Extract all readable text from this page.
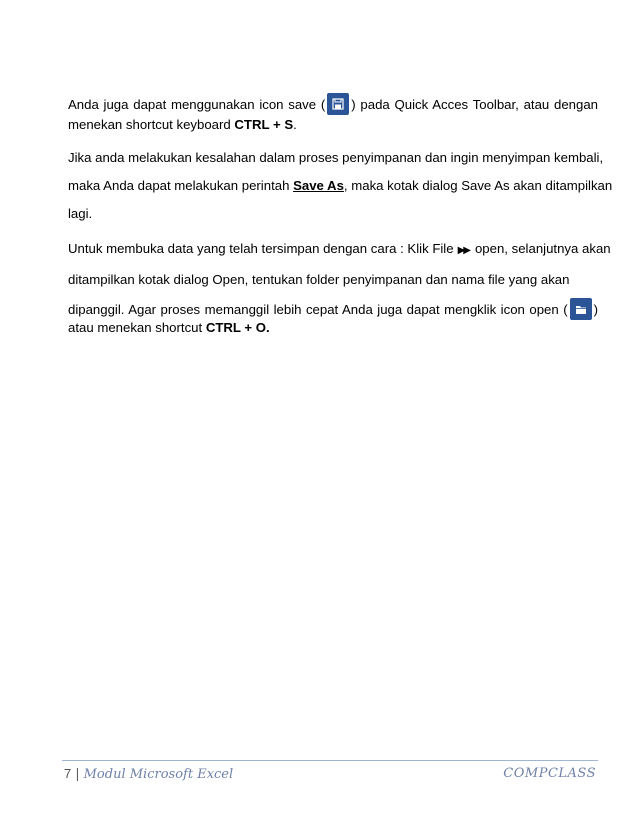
Anda juga dapat menggunakan icon save ( ) pada Quick Acces Toolbar, atau dengan
menekan shortcut keyboard CTRL + S.
Jika anda melakukan kesalahan dalam proses penyimpanan dan ingin menyimpan kembali,
maka Anda dapat melakukan perintah Save As, maka kotak dialog Save As akan ditampilkan
lagi.
Untuk membuka data yang telah tersimpan dengan cara : Klik File ▶▶ open, selanjutnya akan
ditampilkan kotak dialog Open, tentukan folder penyimpanan dan nama file yang akan
dipanggil. Agar proses memanggil lebih cepat Anda juga dapat mengklik icon open ( )
atau menekan shortcut CTRL + O.
7 | Modul Microsoft Excel	COMPCLASS
